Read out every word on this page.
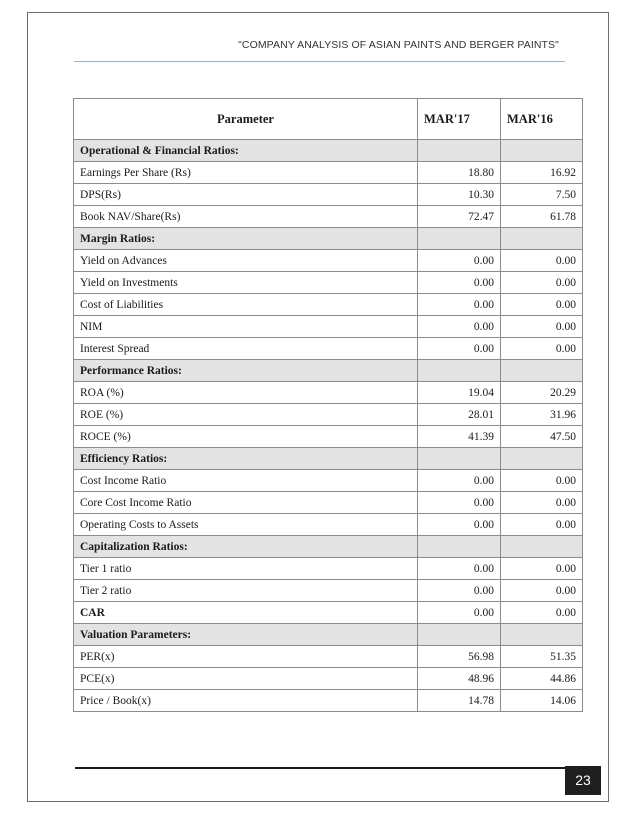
"COMPANY ANALYSIS OF ASIAN PAINTS AND BERGER PAINTS"
Parameter	MAR'17	MAR'16
Operational & Financial Ratios:		
Earnings Per Share (Rs)	18.80	16.92
DPS(Rs)	10.30	7.50
Book NAV/Share(Rs)	72.47	61.78
Margin Ratios:		
Yield on Advances	0.00	0.00
Yield on Investments	0.00	0.00
Cost of Liabilities	0.00	0.00
NIM	0.00	0.00
Interest Spread	0.00	0.00
Performance Ratios:		
ROA (%)	19.04	20.29
ROE (%)	28.01	31.96
ROCE (%)	41.39	47.50
Efficiency Ratios:		
Cost Income Ratio	0.00	0.00
Core Cost Income Ratio	0.00	0.00
Operating Costs to Assets	0.00	0.00
Capitalization Ratios:		
Tier 1 ratio	0.00	0.00
Tier 2 ratio	0.00	0.00
CAR	0.00	0.00
Valuation Parameters:		
PER(x)	56.98	51.35
PCE(x)	48.96	44.86
Price / Book(x)	14.78	14.06
23
